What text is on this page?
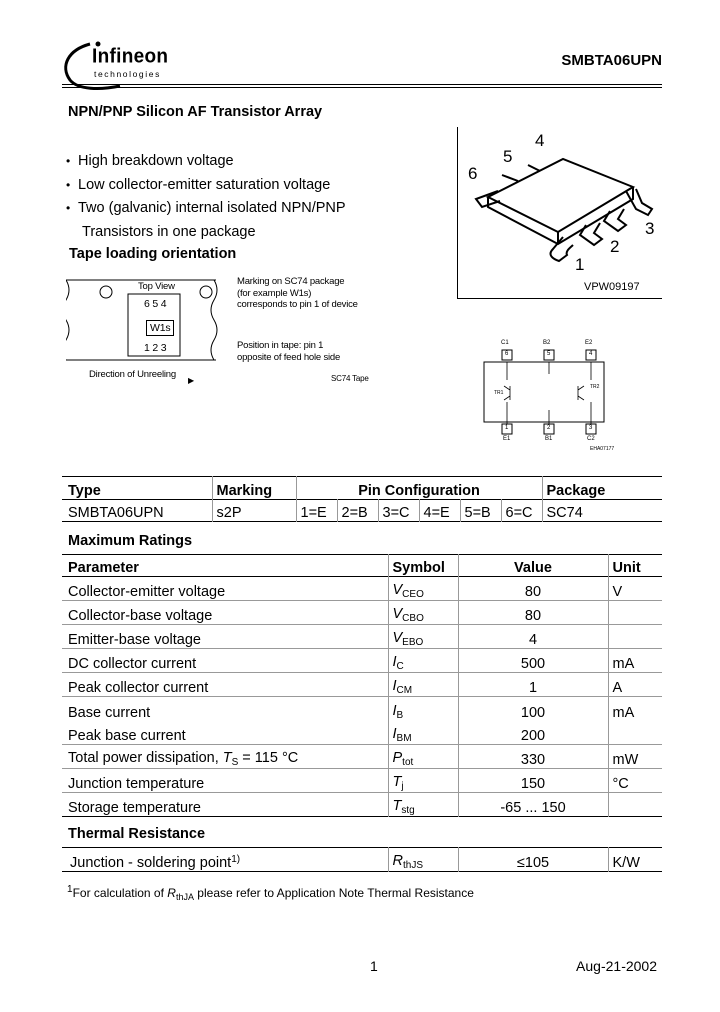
Infineon
technologies
SMBTA06UPN
NPN/PNP Silicon AF Transistor Array
• High breakdown voltage
• Low collector-emitter saturation voltage
• Two (galvanic) internal isolated NPN/PNP
Transistors in one package
Tape loading orientation
Top View
6 5 4
W1s
1 2 3
Marking on SC74 package
(for example W1s)
corresponds to pin 1 of device
Position in tape: pin 1
opposite of feed hole side
Direction of Unreeling
▶	SC74 Tape
6
5
4
1
2
3
VPW09197
C1	B2	E2
6	5	4
1	2	3
E1	B1	C2
TR1
TR2
EHA07177
Type	Marking	Pin Configuration						Package
SMBTA06UPN	s2P	1=E	2=B	3=C	4=E	5=B	6=C	SC74
Maximum Ratings
Parameter	Symbol	Value	Unit
Collector-emitter voltage	$V_{CEO}$	80	V
Collector-base voltage	$V_{CBO}$	80	
Emitter-base voltage	$V_{EBO}$	4	
DC collector current	$I_C$	500	mA
Peak collector current	$I_{CM}$	1	A
Base current	$I_B$	100	mA
Peak base current	$I_{BM}$	200	
Total power dissipation, $T_S = 115$ °C	$P_{tot}$	330	mW
Junction temperature	$T_j$	150	°C
Storage temperature	$T_{stg}$	-65 ... 150	
Thermal Resistance
Junction - soldering point$^{1)}$	$R_{thJS}$	≤105	K/W
$^1$For calculation of $R_{thJA}$ please refer to Application Note Thermal Resistance
1	Aug-21-2002
